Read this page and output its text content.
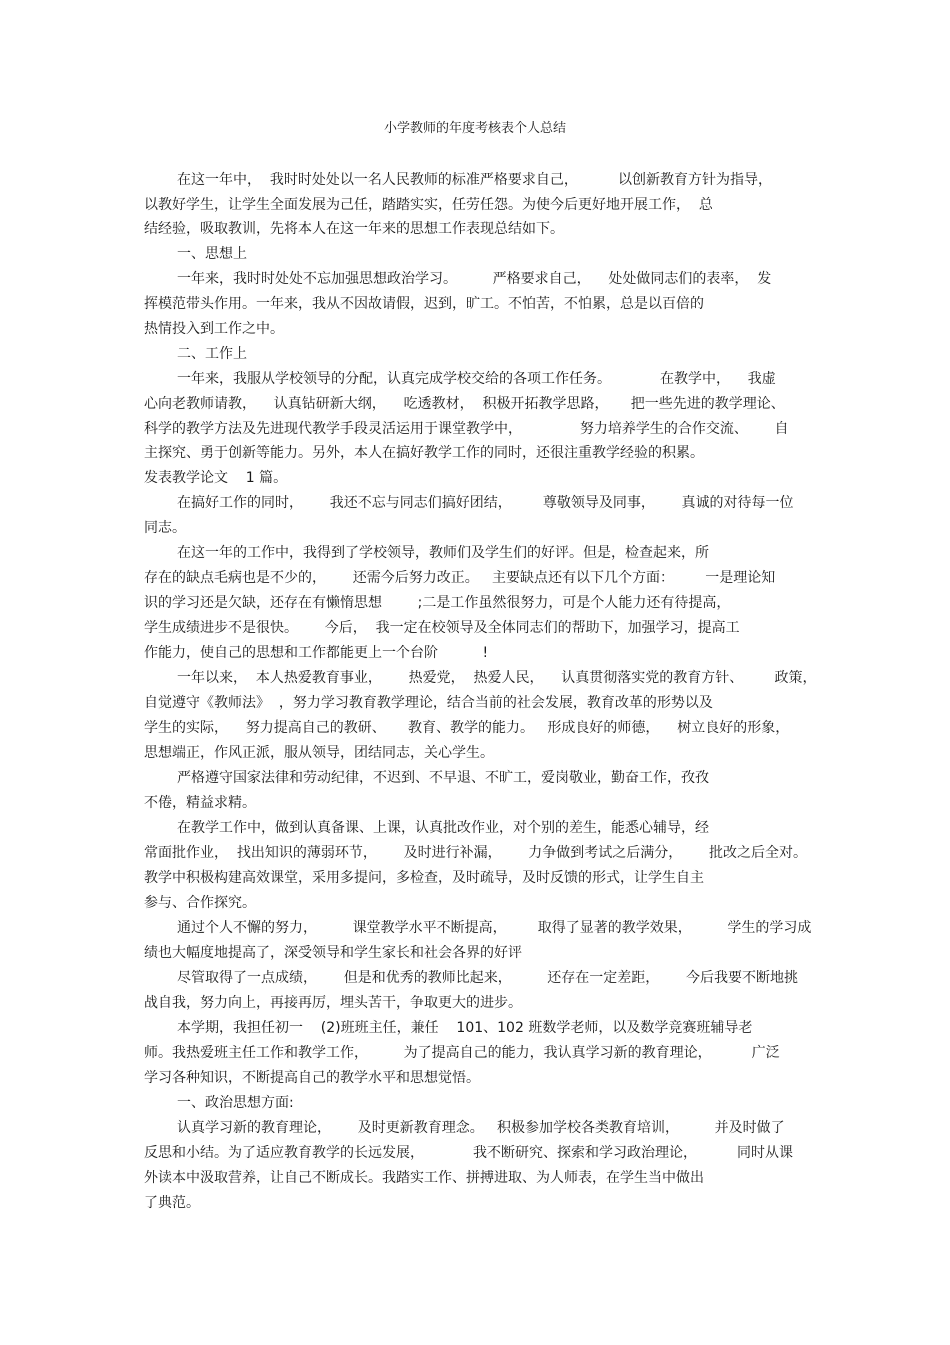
小学教师的年度考核表个人总结
在这一年中，  我时时处处以一名人民教师的标准严格要求自己，         以创新教育方针为指导，
以教好学生，让学生全面发展为己任，踏踏实实，任劳任怨。为使今后更好地开展工作，  总
结经验，吸取教训，先将本人在这一年来的思想工作表现总结如下。
一、思想上
一年来，我时时处处不忘加强思想政治学习。        严格要求自己，    处处做同志们的表率，  发
挥模范带头作用。一年来，我从不因故请假，迟到，旷工。不怕苦，不怕累，总是以百倍的
热情投入到工作之中。
二、工作上
一年来，我服从学校领导的分配，认真完成学校交给的各项工作任务。           在教学中，    我虚
心向老教师请教，    认真钻研新大纲，    吃透教材，  积极开拓教学思路，     把一些先进的教学理论、
科学的教学方法及先进现代教学手段灵活运用于课堂教学中，             努力培养学生的合作交流、      自
主探究、勇于创新等能力。另外，本人在搞好教学工作的同时，还很注重教学经验的积累。
发表教学论文    1 篇。
在搞好工作的同时，      我还不忘与同志们搞好团结，       尊敬领导及同事，      真诚的对待每一位
同志。
在这一年的工作中，我得到了学校领导，教师们及学生们的好评。但是，检查起来，所
存在的缺点毛病也是不少的，      还需今后努力改正。   主要缺点还有以下几个方面：       一是理论知
识的学习还是欠缺，还存在有懒惰思想        ;二是工作虽然很努力，可是个人能力还有待提高，
学生成绩进步不是很快。      今后，  我一定在校领导及全体同志们的帮助下，加强学习，提高工
作能力，使自己的思想和工作都能更上一个台阶          !
一年以来，  本人热爱教育事业，      热爱党，  热爱人民，    认真贯彻落实党的教育方针、       政策，
自觉遵守《教师法》  ，努力学习教育教学理论，结合当前的社会发展，教育改革的形势以及
学生的实际，    努力提高自己的教研、     教育、教学的能力。   形成良好的师德，    树立良好的形象，
思想端正，作风正派，服从领导，团结同志，关心学生。
严格遵守国家法律和劳动纪律，不迟到、不早退、不旷工，爱岗敬业，勤奋工作，孜孜
不倦，精益求精。
在教学工作中，做到认真备课、上课，认真批改作业，对个别的差生，能悉心辅导，经
常面批作业，  找出知识的薄弱环节，      及时进行补漏，      力争做到考试之后满分，      批改之后全对。
教学中积极构建高效课堂，采用多提问，多检查，及时疏导，及时反馈的形式，让学生自主
参与、合作探究。
通过个人不懈的努力，        课堂教学水平不断提高，       取得了显著的教学效果，        学生的学习成
绩也大幅度地提高了，深受领导和学生家长和社会各界的好评
尽管取得了一点成绩，      但是和优秀的教师比起来，        还存在一定差距，      今后我要不断地挑
战自我，努力向上，再接再厉，埋头苦干，争取更大的进步。
本学期，我担任初一    (2)班班主任，兼任    101、102 班数学老师，以及数学竞赛班辅导老
师。我热爱班主任工作和教学工作，        为了提高自己的能力，我认真学习新的教育理论，         广泛
学习各种知识，不断提高自己的教学水平和思想觉悟。
一、政治思想方面:
认真学习新的教育理论，      及时更新教育理念。   积极参加学校各类教育培训，        并及时做了
反思和小结。为了适应教育教学的长远发展，           我不断研究、探索和学习政治理论，         同时从课
外读本中汲取营养，让自己不断成长。我踏实工作、拼搏进取、为人师表，在学生当中做出
了典范。
